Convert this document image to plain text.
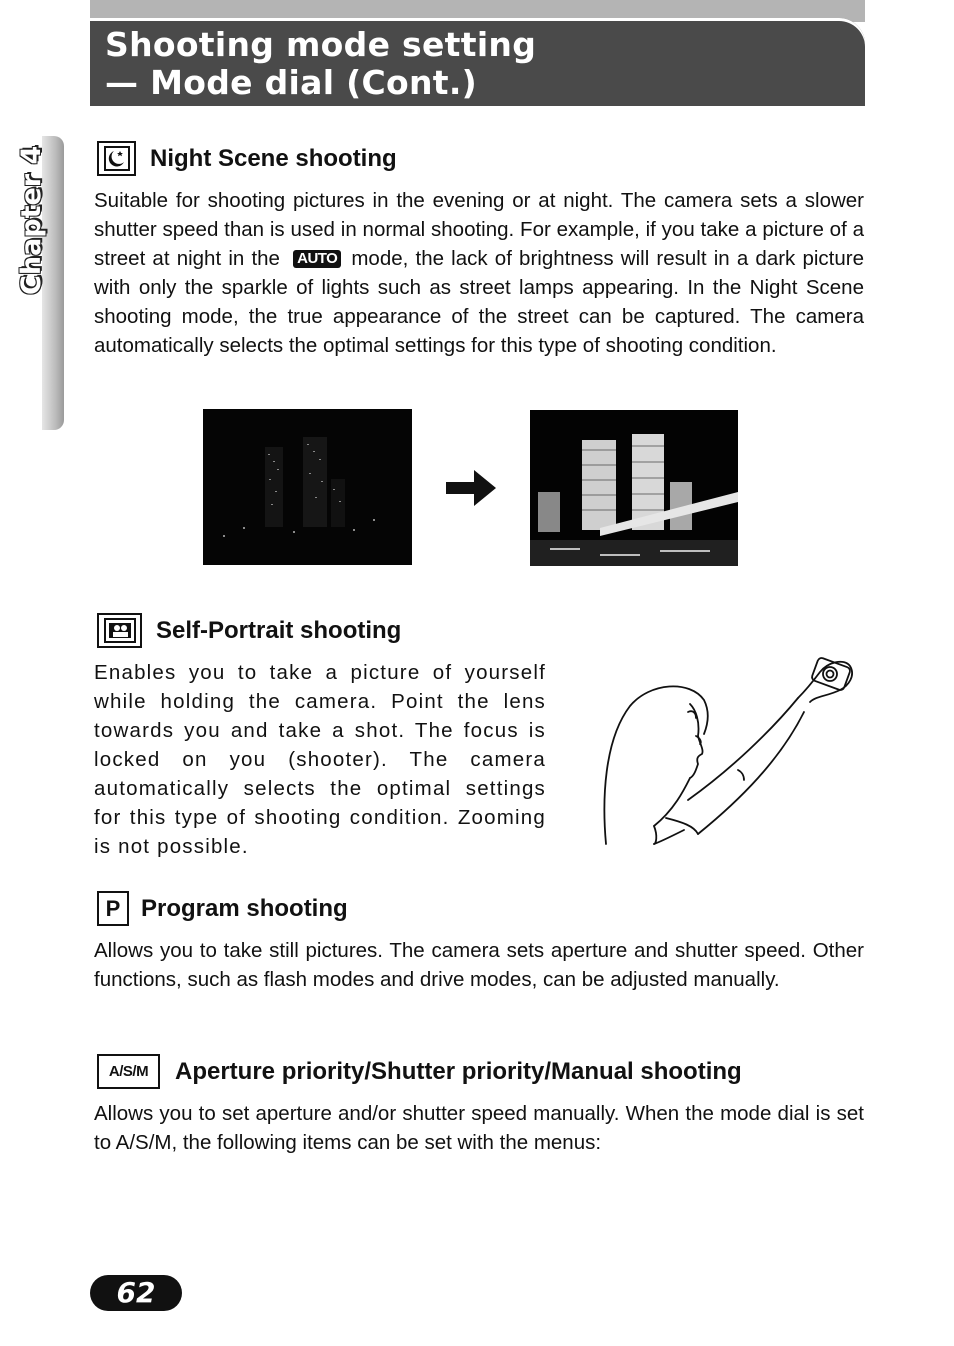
Shooting mode setting
— Mode dial (Cont.)
Chapter 4	Night Scene shooting

Suitable for shooting pictures in the evening or at night. The camera sets a slower shutter speed than is used in normal shooting. For example, if you take a picture of a street at night in the AUTO mode, the lack of brightness will result in a dark picture with only the sparkle of lights such as street lamps appearing. In the Night Scene shooting mode, the true appearance of the street can be captured. The camera automatically selects the optimal settings for this type of shooting condition.

Self-Portrait shooting

Enables you to take a picture of yourself while holding the camera. Point the lens towards you and take a shot. The focus is locked on you (shooter). The camera automatically selects the optimal settings for this type of shooting condition. Zooming is not possible.

P Program shooting

Allows you to take still pictures. The camera sets aperture and shutter speed. Other functions, such as flash modes and drive modes, can be adjusted manually.

A/S/M	Aperture priority/Shutter priority/Manual shooting

Allows you to set aperture and/or shutter speed manually. When the mode dial is set to A/S/M, the following items can be set with the menus:

62
